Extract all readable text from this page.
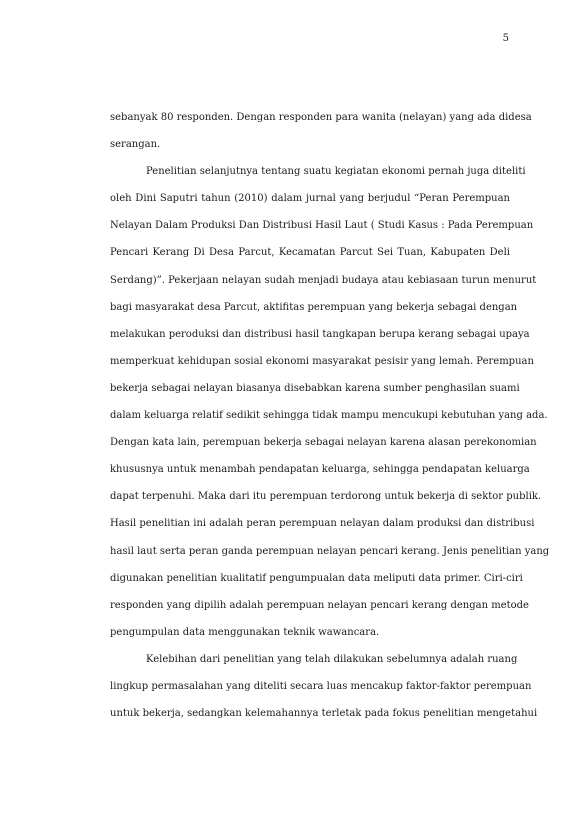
5
sebanyak 80 responden. Dengan responden para wanita (nelayan) yang ada didesa
serangan.
Penelitian selanjutnya tentang suatu kegiatan ekonomi pernah juga diteliti
oleh Dini Saputri tahun (2010) dalam jurnal yang berjudul “Peran Perempuan
Nelayan Dalam Produksi Dan Distribusi Hasil Laut ( Studi Kasus : Pada Perempuan
Pencari Kerang Di Desa Parcut, Kecamatan Parcut Sei Tuan, Kabupaten Deli
Serdang)”. Pekerjaan nelayan sudah menjadi budaya atau kebiasaan turun menurut
bagi masyarakat desa Parcut, aktifitas perempuan yang bekerja sebagai dengan
melakukan peroduksi dan distribusi hasil tangkapan berupa kerang sebagai upaya
memperkuat kehidupan sosial ekonomi masyarakat pesisir yang lemah. Perempuan
bekerja sebagai nelayan biasanya disebabkan karena sumber penghasilan suami
dalam keluarga relatif sedikit sehingga tidak mampu mencukupi kebutuhan yang ada.
Dengan kata lain, perempuan bekerja sebagai nelayan karena alasan perekonomian
khususnya untuk menambah pendapatan keluarga, sehingga pendapatan keluarga
dapat terpenuhi. Maka dari itu perempuan terdorong untuk bekerja di sektor publik.
Hasil penelitian ini adalah peran perempuan nelayan dalam produksi dan distribusi
hasil laut serta peran ganda perempuan nelayan pencari kerang. Jenis penelitian yang
digunakan penelitian kualitatif pengumpualan data meliputi data primer. Ciri-ciri
responden yang dipilih adalah perempuan nelayan pencari kerang dengan metode
pengumpulan data menggunakan teknik wawancara.
Kelebihan dari penelitian yang telah dilakukan sebelumnya adalah ruang
lingkup permasalahan yang diteliti secara luas mencakup faktor-faktor perempuan
untuk bekerja, sedangkan kelemahannya terletak pada fokus penelitian mengetahui
